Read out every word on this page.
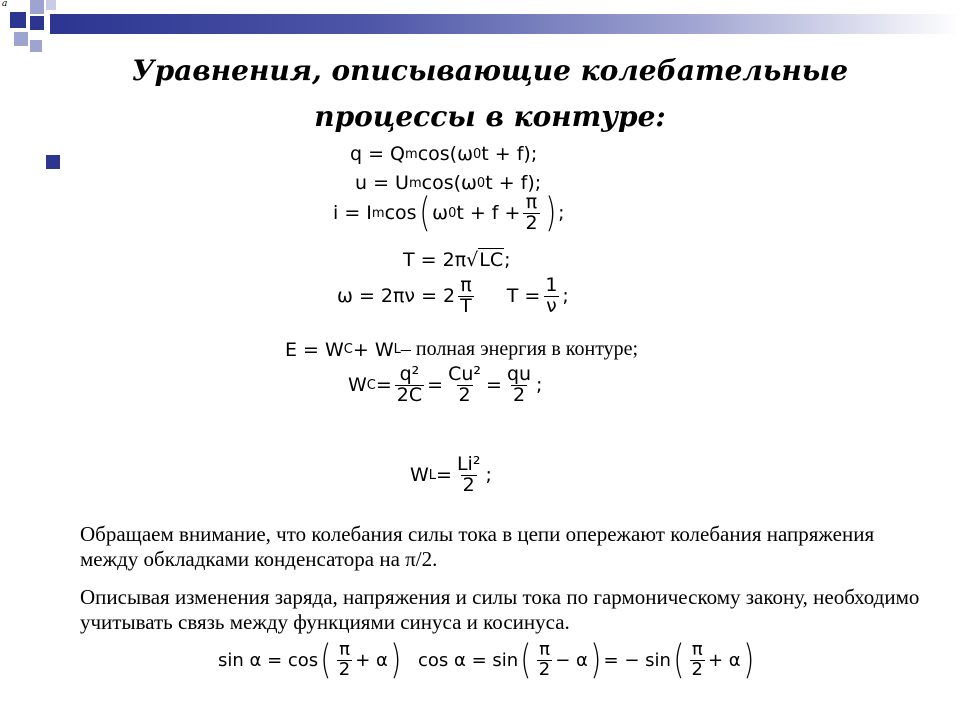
a
Уравнения, описывающие колебательные
процессы в контуре:
q = Q m cos(ω 0 t + f);
u = U m cos(ω 0 t + f);
i = I m cos ( ω 0 $t + f + \frac{\pi}{2}$ ) ;
T = 2π √ LC ;
$\omega = 2\pi\nu = 2 \frac{\pi}{T}$ $T = \frac{1}{\nu}$ ;
E = W C + W L – полная энергия в контуре;
W $C = \frac{\text{q²}}{2C} = \frac{\text{Cu²}}{2} = \frac{qu}{2}$ ;
W $L = \frac{\text{Li²}}{2}$ ;
Обращаем внимание, что колебания силы тока в цепи опережают колебания напряжения между обкладками конденсатора на π/2.
Описывая изменения заряда, напряжения и силы тока по гармоническому закону, необходимо учитывать связь между функциями синуса и косинуса.
sin α = cos ( $\frac{\pi}{2} + \alpha$ ) cos α = sin ( $\frac{\pi}{2} - \alpha$ ) = − sin ( $\frac{\pi}{2} + \alpha$ )
